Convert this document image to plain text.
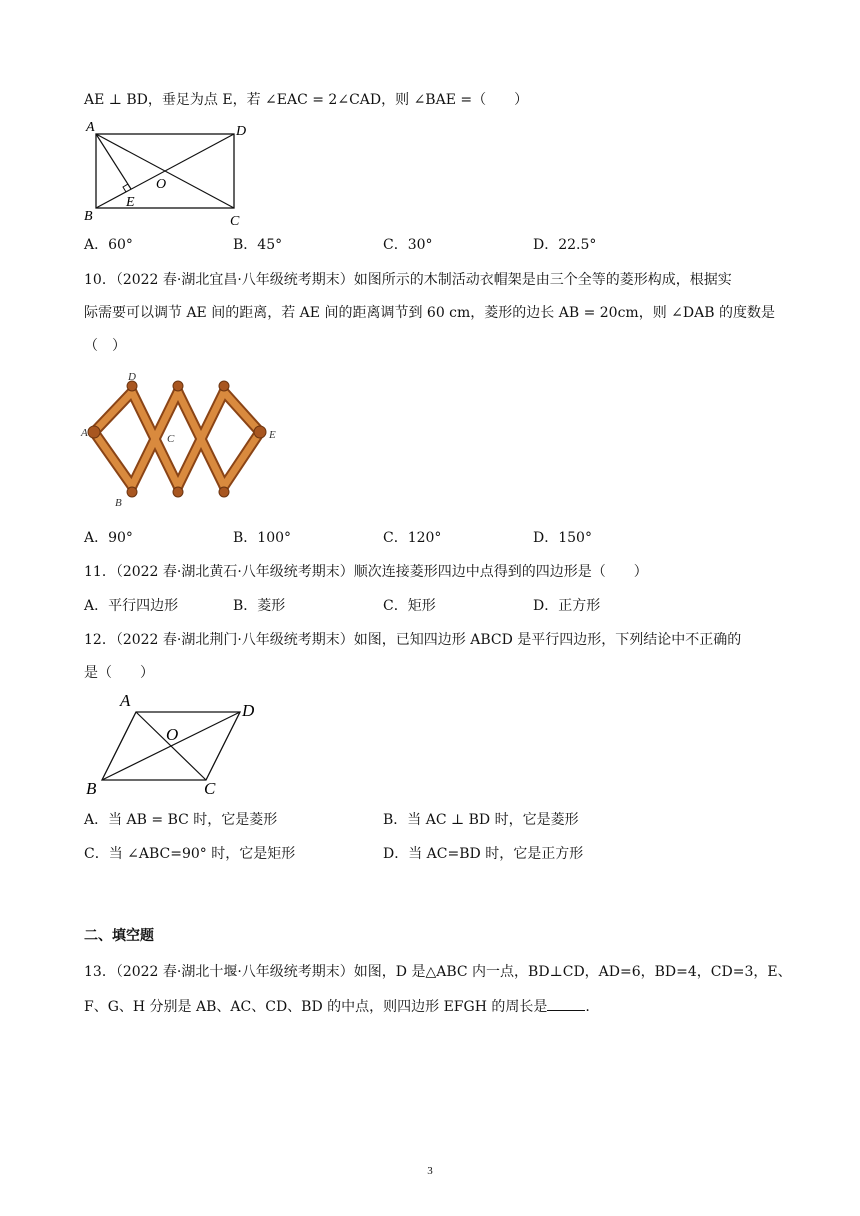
AE ⊥ BD，垂足为点 E，若 ∠EAC = 2∠CAD，则 ∠BAE =（　　）
A	D
B	C
O
E
A．60°	B．45°	C．30°	D．22.5°
10．（2022 春·湖北宜昌·八年级统考期末）如图所示的木制活动衣帽架是由三个全等的菱形构成，根据实
际需要可以调节 AE 间的距离，若 AE 间的距离调节到 60 cm，菱形的边长 AB = 20cm，则 ∠DAB 的度数是
（　）
D
A	C	E
B
A．90°	B．100°	C．120°	D．150°
11．（2022 春·湖北黄石·八年级统考期末）顺次连接菱形四边中点得到的四边形是（　　）
A．平行四边形	B．菱形	C．矩形	D．正方形
12．（2022 春·湖北荆门·八年级统考期末）如图，已知四边形 ABCD 是平行四边形，下列结论中不正确的
是（　　）
A
D
O
B	C
A．当 AB = BC 时，它是菱形	B．当 AC ⊥ BD 时，它是菱形
C．当 ∠ABC=90° 时，它是矩形	D．当 AC=BD 时，它是正方形
二、填空题
13．（2022 春·湖北十堰·八年级统考期末）如图，D 是△ABC 内一点，BD⊥CD，AD=6，BD=4，CD=3，E、
F、G、H 分别是 AB、AC、CD、BD 的中点，则四边形 EFGH 的周长是	.
3
